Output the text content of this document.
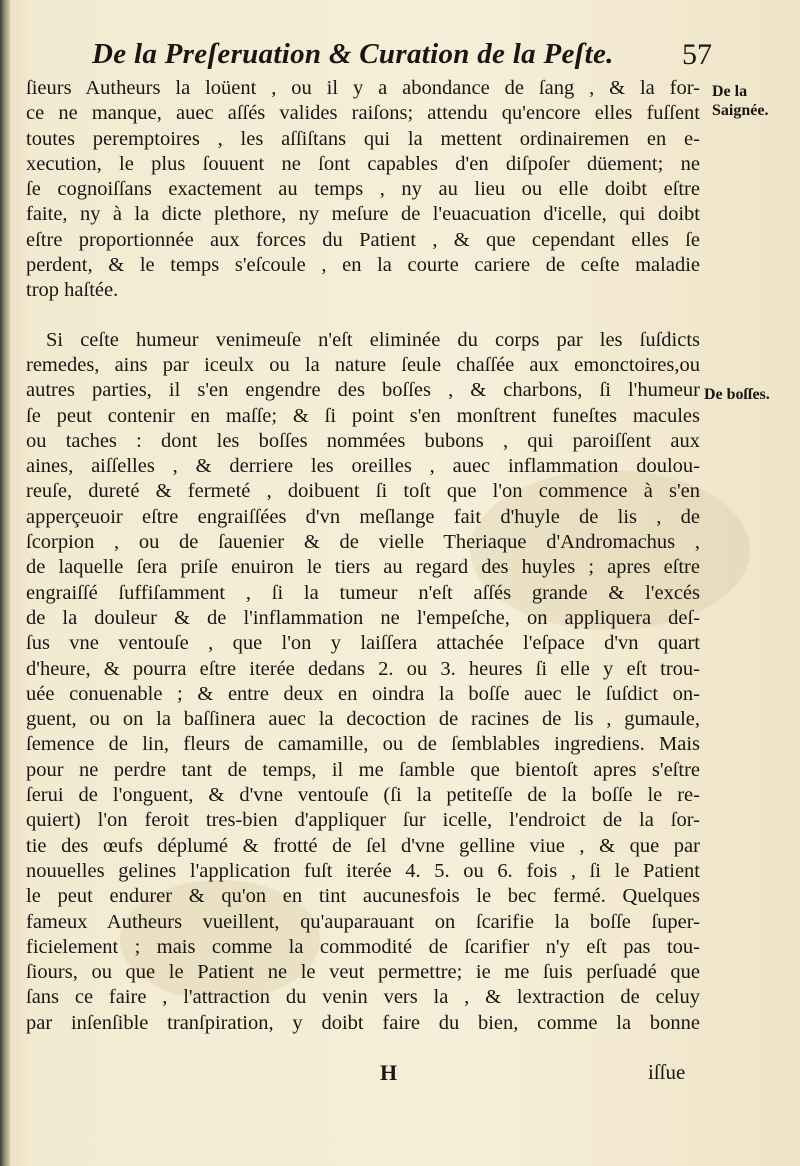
De la Preſeruation & Curation de la Peſte. 57
De la Saignée.
De boſſes.
ſieurs Autheurs la loüent , ou il y a abondance de ſang , & la for-
ce ne manque, auec aſſés valides raiſons; attendu qu'encore elles fuſſent
toutes peremptoires , les aſſiſtans qui la mettent ordinairemen en e-
xecution, le plus ſouuent ne ſont capables d'en diſpoſer düement; ne
ſe cognoiſſans exactement au temps , ny au lieu ou elle doibt eſtre
faite, ny à la dicte plethore, ny meſure de l'euacuation d'icelle, qui doibt
eſtre proportionnée aux forces du Patient , & que cependant elles ſe
perdent, & le temps s'eſcoule , en la courte cariere de ceſte maladie
trop haſtée.
Si ceſte humeur venimeuſe n'eſt eliminée du corps par les ſuſdicts
remedes, ains par iceulx ou la nature ſeule chaſſée aux emonctoires,ou
autres parties, il s'en engendre des boſſes , & charbons, ſi l'humeur
ſe peut contenir en maſſe; & ſi point s'en monſtrent funeſtes macules
ou taches : dont les boſſes nommées bubons , qui paroiſſent aux
aines, aiſſelles , & derriere les oreilles , auec inflammation doulou-
reuſe, dureté & fermeté , doibuent ſi toſt que l'on commence à s'en
apperçeuoir eſtre engraiſſées d'vn meſlange fait d'huyle de lis , de
ſcorpion , ou de ſauenier & de vielle Theriaque d'Andromachus ,
de laquelle ſera priſe enuiron le tiers au regard des huyles ; apres eſtre
engraiſſé ſuffiſamment , ſi la tumeur n'eſt aſſés grande & l'excés
de la douleur & de l'inflammation ne l'empeſche, on appliquera deſ-
ſus vne ventouſe , que l'on y laiſſera attachée l'eſpace d'vn quart
d'heure, & pourra eſtre iterée dedans 2. ou 3. heures ſi elle y eſt trou-
uée conuenable ; & entre deux en oindra la boſſe auec le ſuſdict on-
guent, ou on la baſſinera auec la decoction de racines de lis , gumaule,
ſemence de lin, fleurs de camamille, ou de ſemblables ingrediens. Mais
pour ne perdre tant de temps, il me ſamble que bientoſt apres s'eſtre
ſerui de l'onguent, & d'vne ventouſe (ſi la petiteſſe de la boſſe le re-
quiert) l'on feroit tres-bien d'appliquer ſur icelle, l'endroict de la ſor-
tie des œufs déplumé & frotté de ſel d'vne gelline viue , & que par
nouuelles gelines l'application fuſt iterée 4. 5. ou 6. fois , ſi le Patient
le peut endurer & qu'on en tint aucunesfois le bec fermé. Quelques
fameux Autheurs vueillent, qu'auparauant on ſcarifie la boſſe ſuper-
ficielement ; mais comme la commodité de ſcarifier n'y eſt pas tou-
ſiours, ou que le Patient ne le veut permettre; ie me ſuis perſuadé que
ſans ce faire , l'attraction du venin vers la , & lextraction de celuy
par inſenſible tranſpiration, y doibt faire du bien, comme la bonne
H	iſſue
